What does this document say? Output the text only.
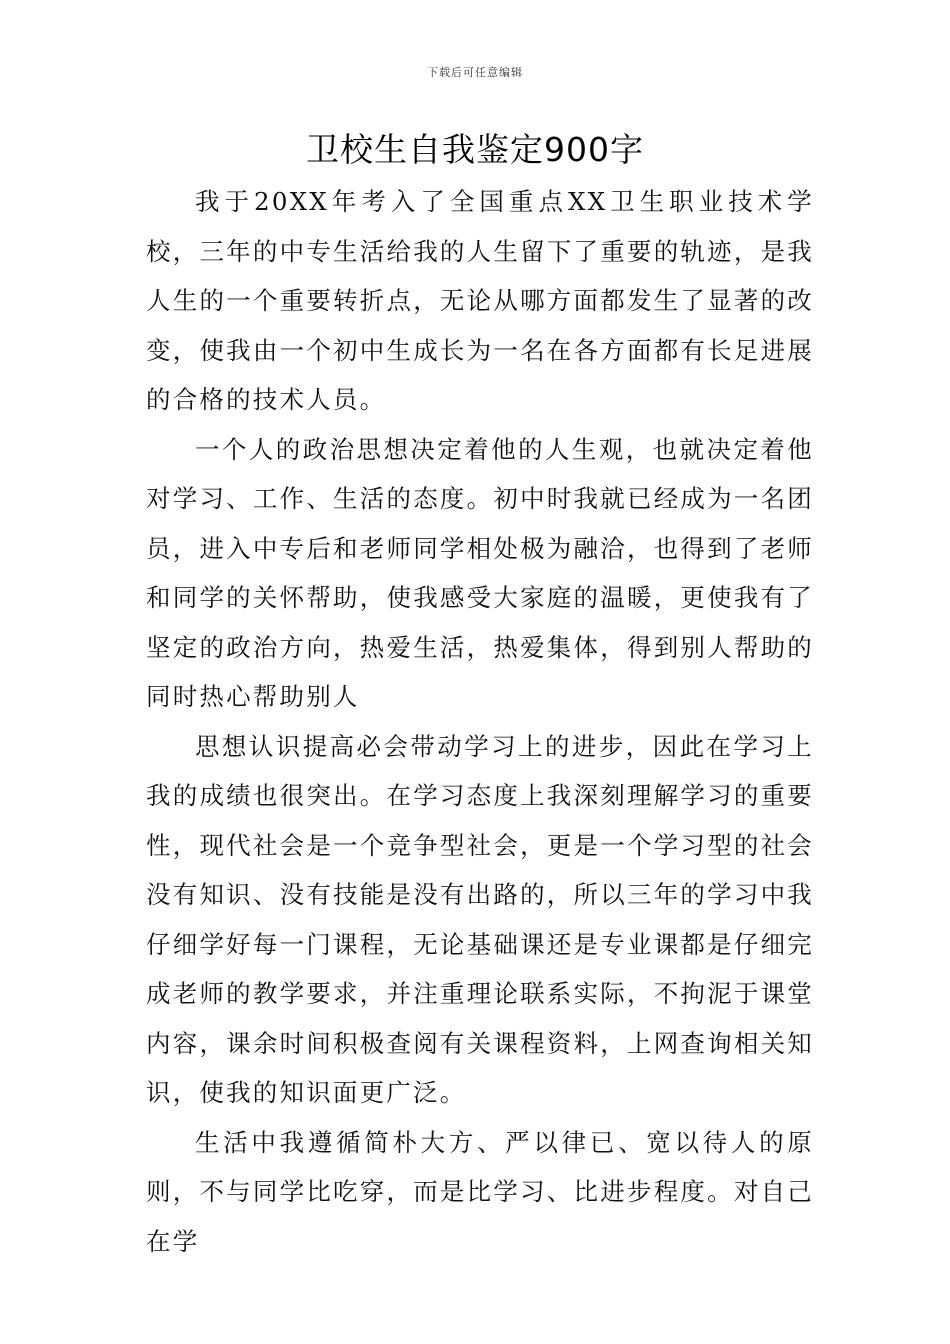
下载后可任意编辑
卫校生自我鉴定900字

我于20XX年考入了全国重点XX卫生职业技术学校，三年的中专生活给我的人生留下了重要的轨迹，是我人生的一个重要转折点，无论从哪方面都发生了显著的改变，使我由一个初中生成长为一名在各方面都有长足进展的合格的技术人员。

一个人的政治思想决定着他的人生观，也就决定着他对学习、工作、生活的态度。初中时我就已经成为一名团员，进入中专后和老师同学相处极为融洽，也得到了老师和同学的关怀帮助，使我感受大家庭的温暖，更使我有了坚定的政治方向，热爱生活，热爱集体，得到别人帮助的同时热心帮助别人

思想认识提高必会带动学习上的进步，因此在学习上我的成绩也很突出。在学习态度上我深刻理解学习的重要性，现代社会是一个竞争型社会，更是一个学习型的社会没有知识、没有技能是没有出路的，所以三年的学习中我仔细学好每一门课程，无论基础课还是专业课都是仔细完成老师的教学要求，并注重理论联系实际，不拘泥于课堂内容，课余时间积极查阅有关课程资料，上网查询相关知识，使我的知识面更广泛。

生活中我遵循简朴大方、严以律已、宽以待人的原则，不与同学比吃穿，而是比学习、比进步程度。对自己在学
